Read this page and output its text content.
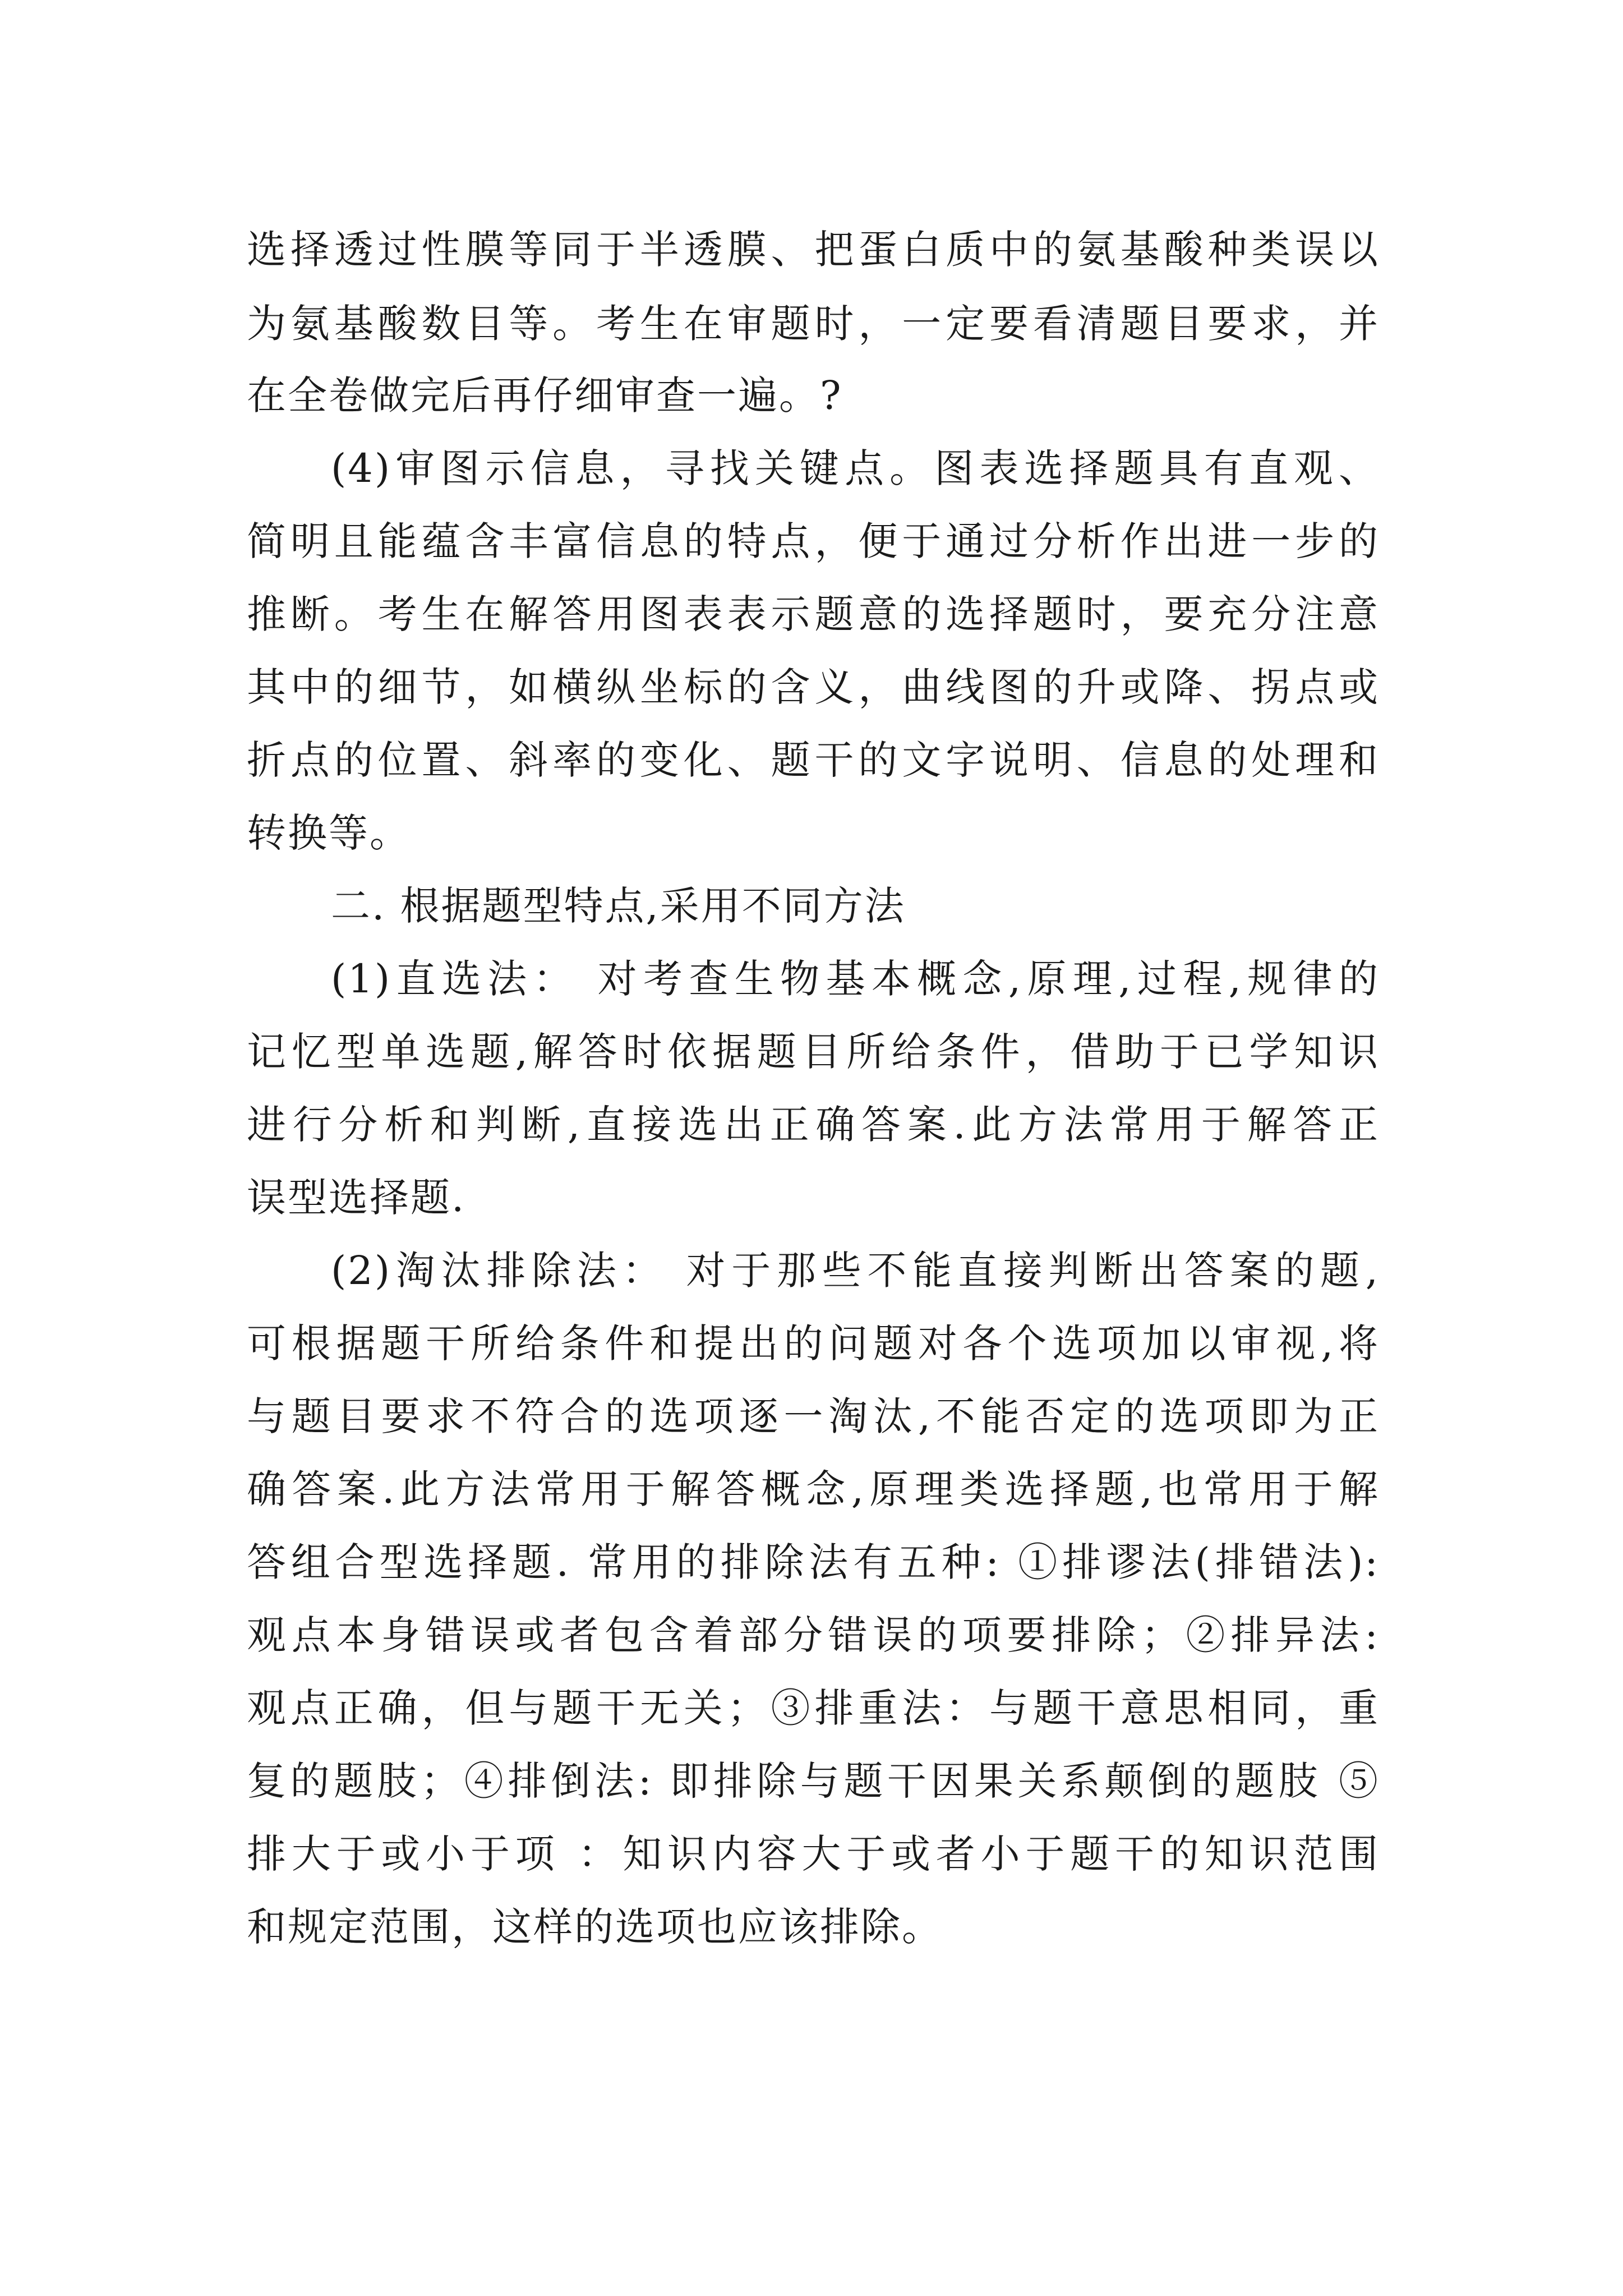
选择透过性膜等同于半透膜、把蛋白质中的氨基酸种类误以
为氨基酸数目等。考生在审题时，一定要看清题目要求，并
在全卷做完后再仔细审查一遍。?
(4)审图示信息，寻找关键点。图表选择题具有直观、
简明且能蕴含丰富信息的特点，便于通过分析作出进一步的
推断。考生在解答用图表表示题意的选择题时，要充分注意
其中的细节，如横纵坐标的含义，曲线图的升或降、拐点或
折点的位置、斜率的变化、题干的文字说明、信息的处理和
转换等。
二. 根据题型特点,采用不同方法
(1)直选法： 对考查生物基本概念,原理,过程,规律的
记忆型单选题,解答时依据题目所给条件，借助于已学知识
进行分析和判断,直接选出正确答案.此方法常用于解答正
误型选择题.
(2)淘汰排除法： 对于那些不能直接判断出答案的题,
可根据题干所给条件和提出的问题对各个选项加以审视,将
与题目要求不符合的选项逐一淘汰,不能否定的选项即为正
确答案.此方法常用于解答概念,原理类选择题,也常用于解
答组合型选择题. 常用的排除法有五种: ①排谬法(排错法):
观点本身错误或者包含着部分错误的项要排除；②排异法:
观点正确，但与题干无关；③排重法：与题干意思相同，重
复的题肢；④排倒法: 即排除与题干因果关系颠倒的题肢 ⑤
排大于或小于项 ：知识内容大于或者小于题干的知识范围
和规定范围，这样的选项也应该排除。
